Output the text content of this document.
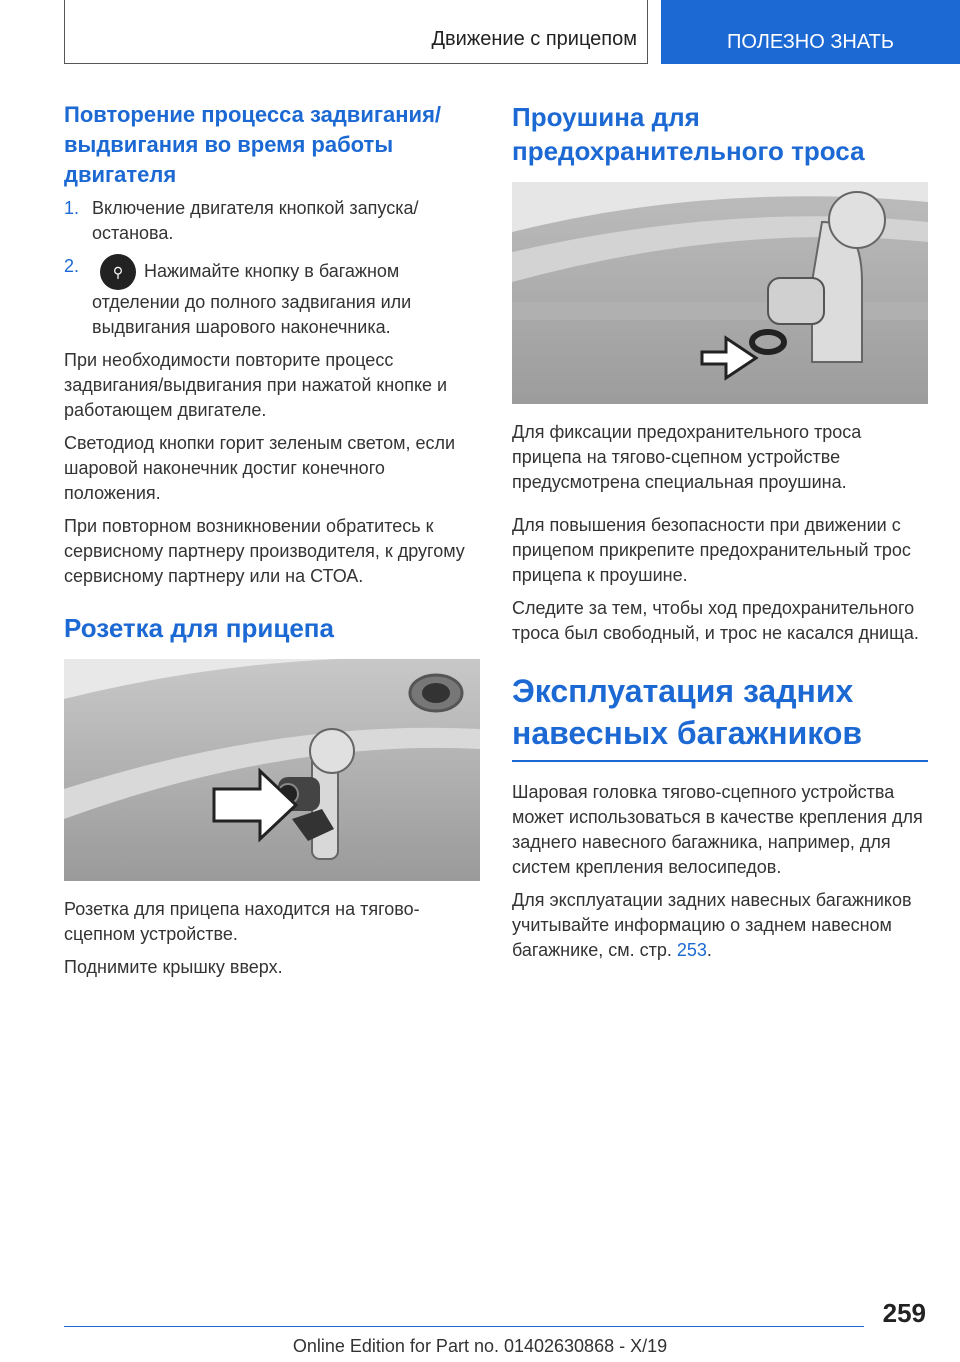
Движение с прицепом	ПОЛЕЗНО ЗНАТЬ
Повторение процесса задвигания/выдвигания во время работы двигателя
1. Включение двигателя кнопкой запуска/останова.
2.	⚲ Нажимайте кнопку в багажном отделении до полного задвигания или выдвигания шарового наконечника.

При необходимости повторите процесс задвигания/выдвигания при нажатой кнопке и работающем двигателе.

Светодиод кнопки горит зеленым светом, если шаровой наконечник достиг конечного положения.

При повторном возникновении обратитесь к сервисному партнеру производителя, к другому сервисному партнеру или на СТОА.

Розетка для прицепа

Розетка для прицепа находится на тягово-сцепном устройстве.

Поднимите крышку вверх.

Проушина для предохранительного троса

Для фиксации предохранительного троса прицепа на тягово-сцепном устройстве предусмотрена специальная проушина.

Для повышения безопасности при движении с прицепом прикрепите предохранительный трос прицепа к проушине.

Следите за тем, чтобы ход предохранительного троса был свободный, и трос не касался днища.

Эксплуатация задних навесных багажников

Шаровая головка тягово-сцепного устройства может использоваться в качестве крепления для заднего навесного багажника, например, для систем крепления велосипедов.

Для эксплуатации задних навесных багажников учитывайте информацию о заднем навесном багажнике, см. стр. 253.

259
Online Edition for Part no. 01402630868 - X/19
